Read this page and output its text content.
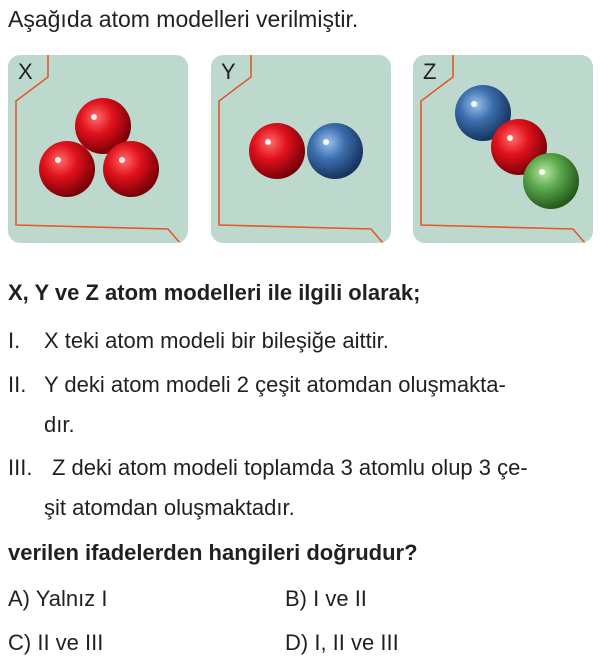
Aşağıda atom modelleri verilmiştir.
X	Y	Z
X, Y ve Z atom modelleri ile ilgili olarak;
I. X teki atom modeli bir bileşiğe aittir.
II. Y deki atom modeli 2 çeşit atomdan oluşmakta-
dır.
III. Z deki atom modeli toplamda 3 atomlu olup 3 çe-
şit atomdan oluşmaktadır.
verilen ifadelerden hangileri doğrudur?
A) Yalnız I	B) I ve II
C) II ve III	D) I, II ve III
